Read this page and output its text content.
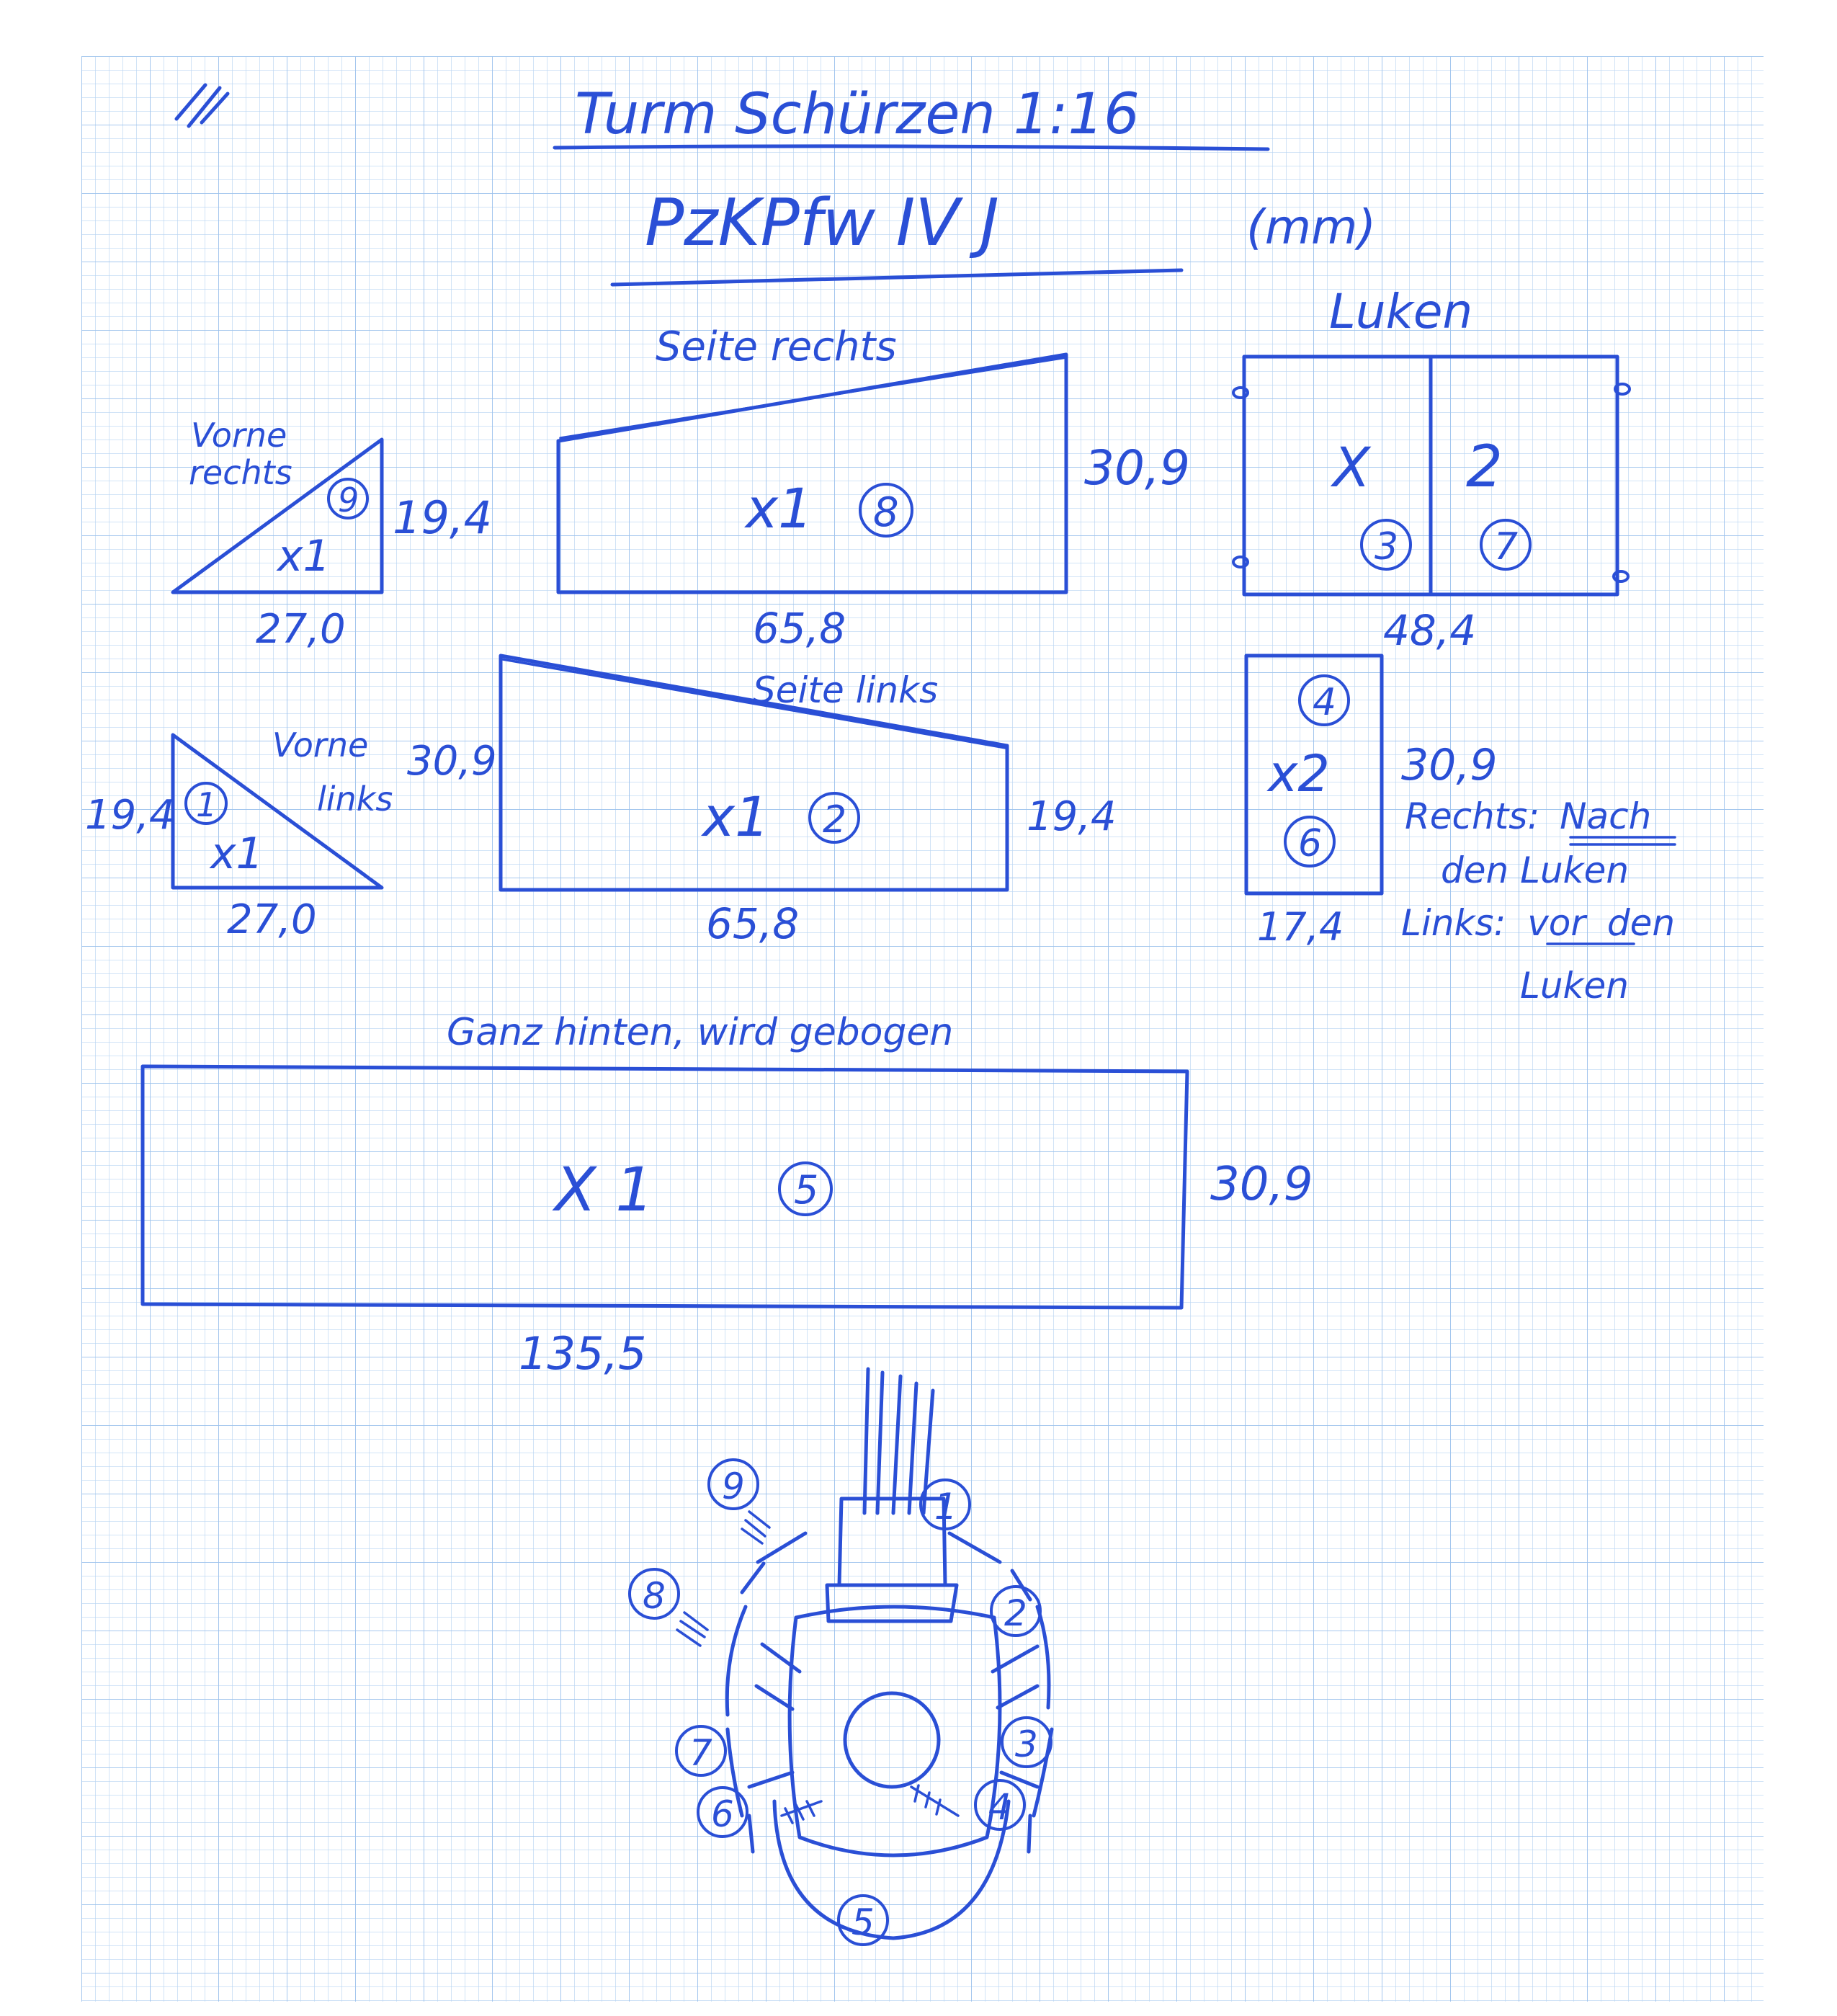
Turm Schürzen 1:16
PzKPfw IV J	(mm)
Vorne
rechts
9
x1
19,4
27,0
Seite rechts
x1 8
30,9
65,8
Luken
X 2
3	7
48,4
Vorne
links
1
x1
19,4
27,0
Seite links
30,9
x1 2	19,4
65,8
4
x2
6
30,9
17,4
Rechts: Nach
den Luken
Links: vor den
Luken
Ganz hinten, wird gebogen
X 1	5	30,9
135,5
9	1
8	2
7	3
6	4
5
